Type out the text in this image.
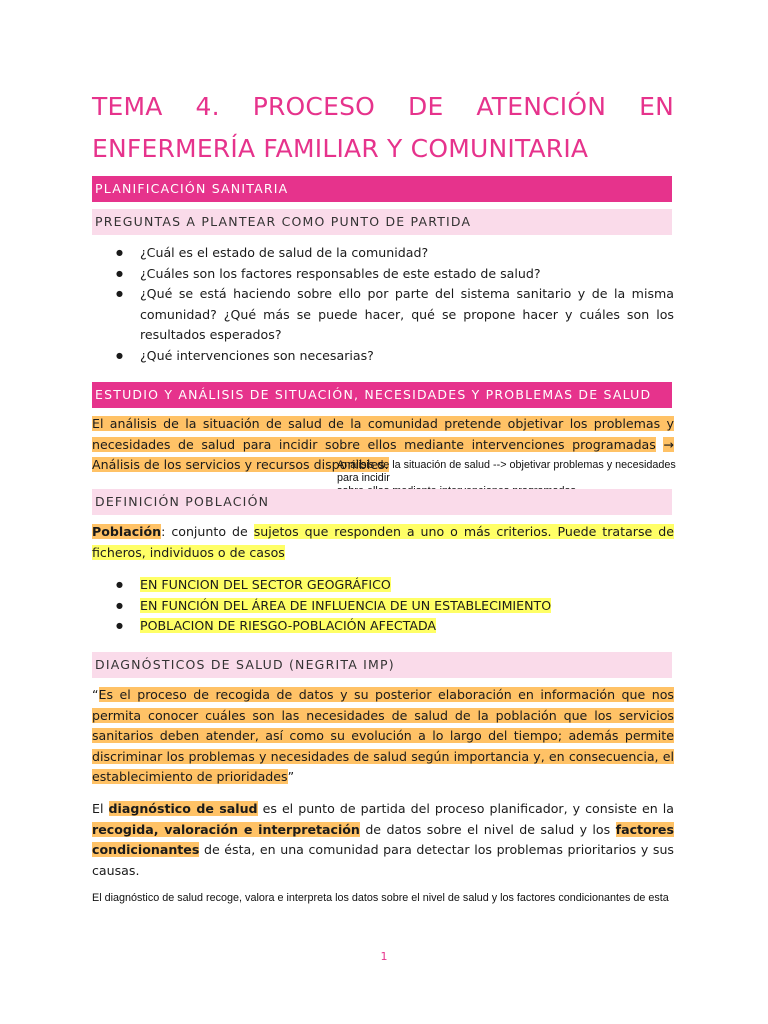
TEMA 4. PROCESO DE ATENCIÓN EN ENFERMERÍA FAMILIAR Y COMUNITARIA
PLANIFICACIÓN SANITARIA
PREGUNTAS A PLANTEAR COMO PUNTO DE PARTIDA
● ¿Cuál es el estado de salud de la comunidad?
● ¿Cuáles son los factores responsables de este estado de salud?
● ¿Qué se está haciendo sobre ello por parte del sistema sanitario y de la misma comunidad? ¿Qué más se puede hacer, qué se propone hacer y cuáles son los resultados esperados?
● ¿Qué intervenciones son necesarias?
ESTUDIO Y ANÁLISIS DE SITUACIÓN, NECESIDADES Y PROBLEMAS DE SALUD
El análisis de la situación de salud de la comunidad pretende objetivar los problemas y necesidades de salud para incidir sobre ellos mediante intervenciones programadas → Análisis de los servicios y recursos disponibles.
Análisis de la situación de salud --> objetivar problemas y necesidades para incidir
DEFINICIÓN POBLACIÓN
Población: conjunto de sujetos que responden a uno o más criterios. Puede tratarse de ficheros, individuos o de casos
● EN FUNCION DEL SECTOR GEOGRÁFICO
● EN FUNCIÓN DEL ÁREA DE INFLUENCIA DE UN ESTABLECIMIENTO
● POBLACION DE RIESGO-POBLACIÓN AFECTADA
DIAGNÓSTICOS DE SALUD (NEGRITA IMP)
“Es el proceso de recogida de datos y su posterior elaboración en información que nos permita conocer cuáles son las necesidades de salud de la población que los servicios sanitarios deben atender, así como su evolución a lo largo del tiempo; además permite discriminar los problemas y necesidades de salud según importancia y, en consecuencia, el establecimiento de prioridades”
El diagnóstico de salud es el punto de partida del proceso planificador, y consiste en la recogida, valoración e interpretación de datos sobre el nivel de salud y los factores condicionantes de ésta, en una comunidad para detectar los problemas prioritarios y sus causas.
El diagnóstico de salud recoge, valora e interpreta los datos sobre el nivel de salud y los factores condicionantes de esta
1
